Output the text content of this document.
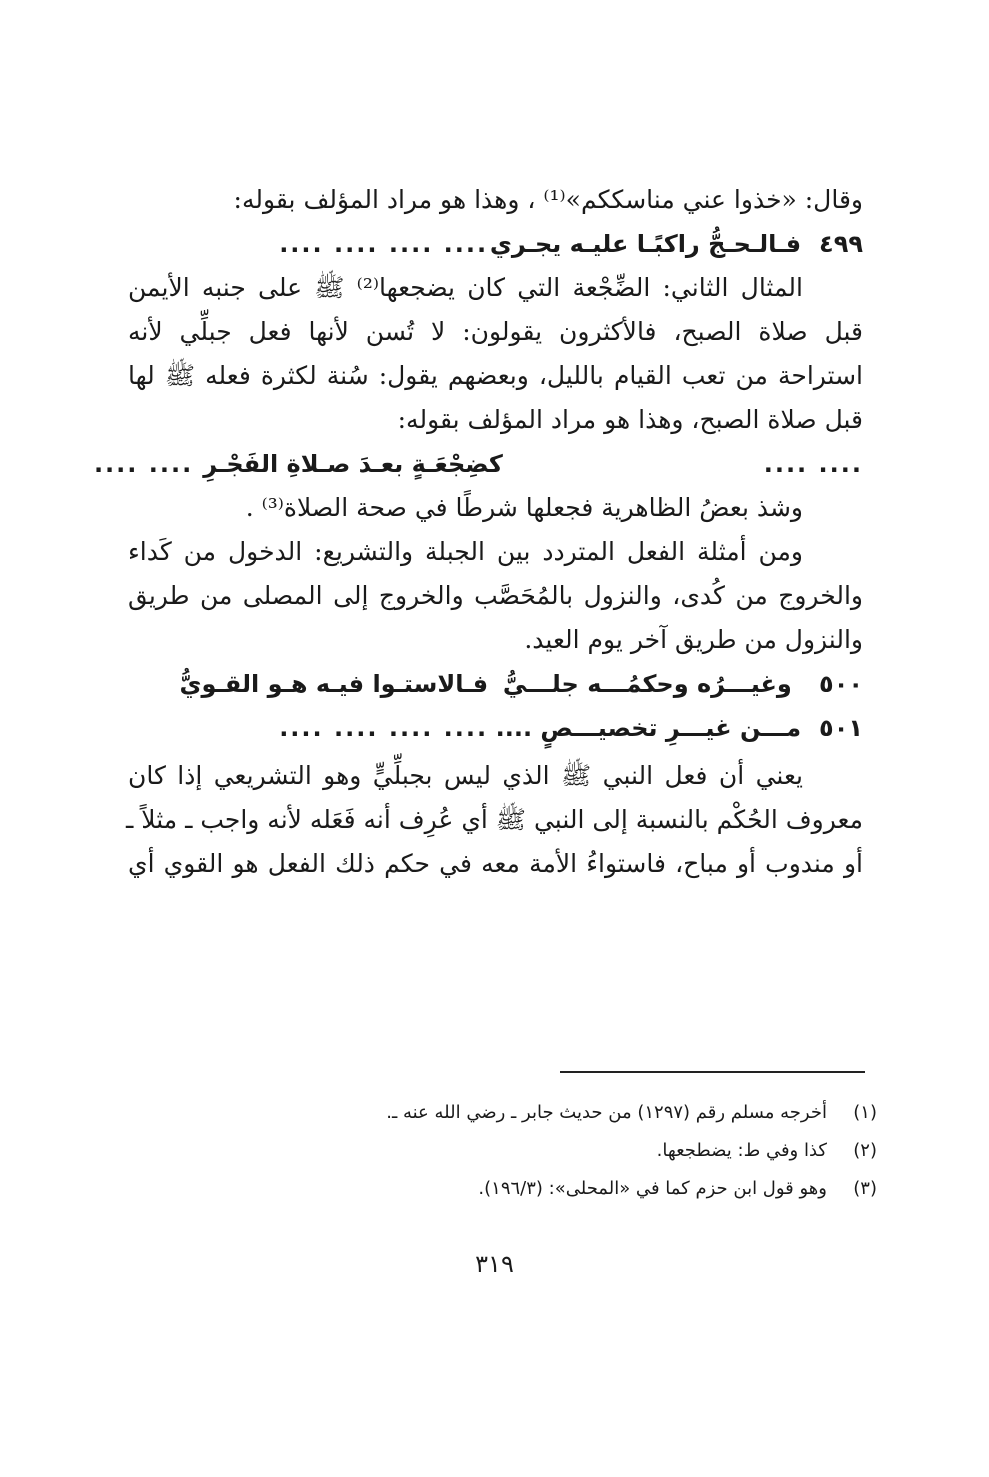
وقال: «خذوا عني مناسككم»⁽¹⁾ ، وهذا هو مراد المؤلف بقوله:
٤٩٩
فـالـحـجُّ راكبًـا عليـه يجـري
.... .... .... ....
المثال الثاني: الضِّجْعة التي كان يضجعها⁽²⁾ ﷺ على جنبه الأيمن
قبل صلاة الصبح، فالأكثرون يقولون: لا تُسن لأنها فعل جبلِّي لأنه
استراحة من تعب القيام بالليل، وبعضهم يقول: سُنة لكثرة فعله ﷺ لها
قبل صلاة الصبح، وهذا هو مراد المؤلف بقوله:
.... ....
كضِجْعَـةٍ بعـدَ صـلاةِ الفَجْـرِ
.... ....
وشذ بعضُ الظاهرية فجعلها شرطًا في صحة الصلاة⁽³⁾ .
ومن أمثلة الفعل المتردد بين الجبلة والتشريع: الدخول من كَداء
والخروج من كُدى، والنزول بالمُحَصَّب والخروج إلى المصلى من طريق
والنزول من طريق آخر يوم العيد.
٥٠٠
وغيـــرُه وحكمُـــه جلـــيُّ
فـالاستـوا فيـه هـو القـويُّ
٥٠١
مـــن غيـــرِ تخصيـــصٍ ....
.... .... .... ....
يعني أن فعل النبي ﷺ الذي ليس بجبلِّيٍّ وهو التشريعي إذا كان
معروف الحُكْم بالنسبة إلى النبي ﷺ أي عُرِف أنه فَعَله لأنه واجب ـ مثلاً ـ
أو مندوب أو مباح، فاستواءُ الأمة معه في حكم ذلك الفعل هو القوي أي
(١)
أخرجه مسلم رقم (١٢٩٧) من حديث جابر ـ رضي الله عنه ـ.
(٢)
كذا وفي ط: يضطجعها.
(٣)
وهو قول ابن حزم كما في «المحلى»: (١٩٦/٣).
٣١٩
